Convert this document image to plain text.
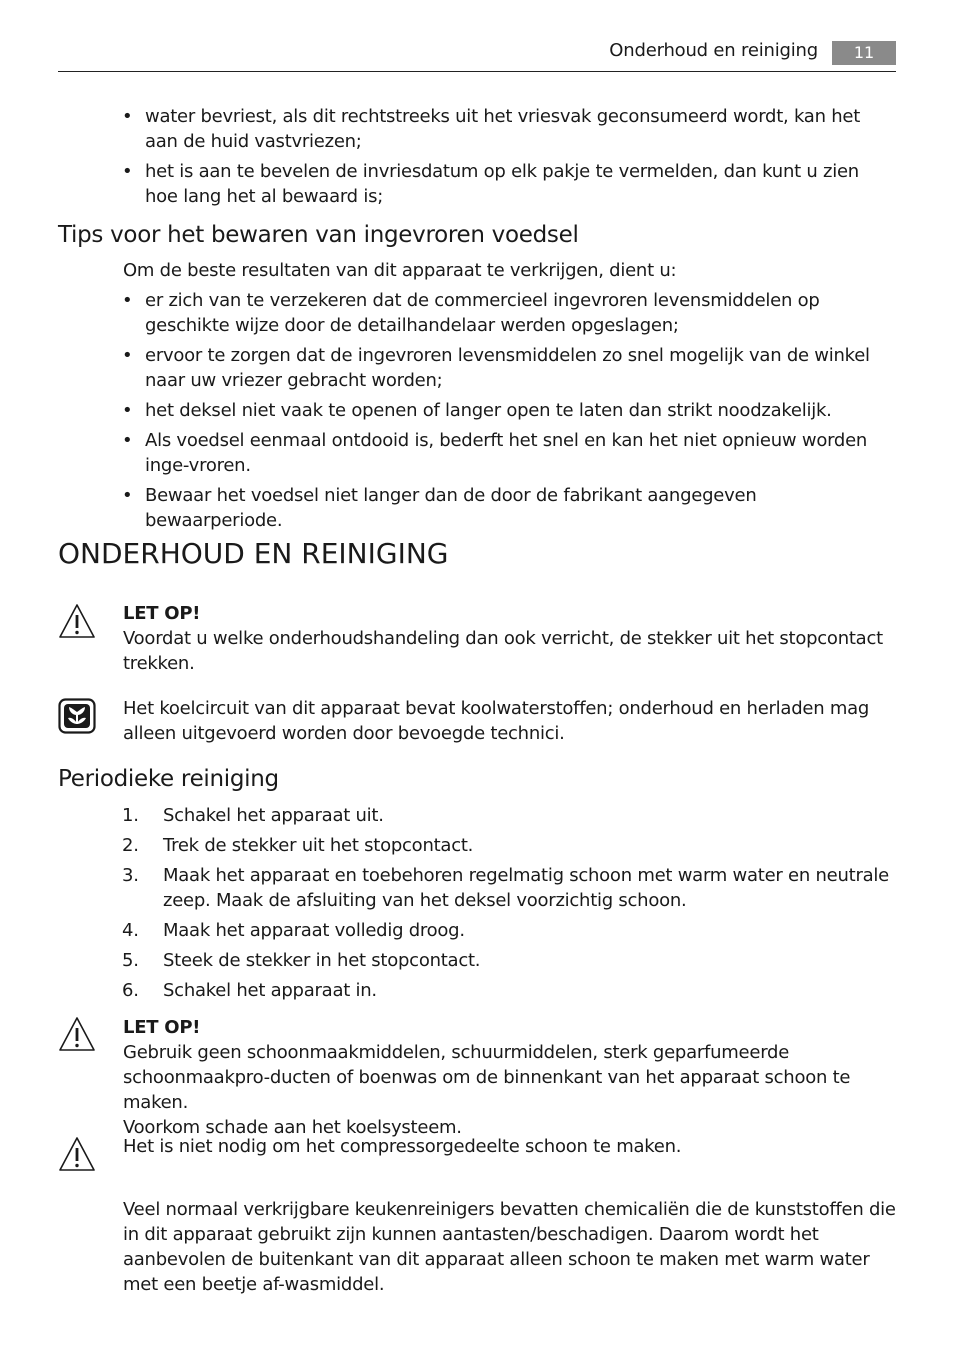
Onderhoud en reiniging	11
• water bevriest, als dit rechtstreeks uit het vriesvak geconsumeerd wordt, kan het aan de huid vastvriezen;
• het is aan te bevelen de invriesdatum op elk pakje te vermelden, dan kunt u zien hoe lang het al bewaard is;
Tips voor het bewaren van ingevroren voedsel

Om de beste resultaten van dit apparaat te verkrijgen, dient u:

• er zich van te verzekeren dat de commercieel ingevroren levensmiddelen op geschikte wijze door de detailhandelaar werden opgeslagen;
• ervoor te zorgen dat de ingevroren levensmiddelen zo snel mogelijk van de winkel naar uw vriezer gebracht worden;
• het deksel niet vaak te openen of langer open te laten dan strikt noodzakelijk.
• Als voedsel eenmaal ontdooid is, bederft het snel en kan het niet opnieuw worden inge-vroren.
• Bewaar het voedsel niet langer dan de door de fabrikant aangegeven bewaarperiode.
ONDERHOUD EN REINIGING
LET OP!
Voordat u welke onderhoudshandeling dan ook verricht, de stekker uit het stopcontact trekken.

Het koelcircuit van dit apparaat bevat koolwaterstoffen; onderhoud en herladen mag alleen uitgevoerd worden door bevoegde technici.

Periodieke reiniging
1. Schakel het apparaat uit.
2. Trek de stekker uit het stopcontact.
3. Maak het apparaat en toebehoren regelmatig schoon met warm water en neutrale zeep. Maak de afsluiting van het deksel voorzichtig schoon.
4. Maak het apparaat volledig droog.
5. Steek de stekker in het stopcontact.
6. Schakel het apparaat in.
LET OP!
Gebruik geen schoonmaakmiddelen, schuurmiddelen, sterk geparfumeerde schoonmaakpro-ducten of boenwas om de binnenkant van het apparaat schoon te maken.
Voorkom schade aan het koelsysteem.

Het is niet nodig om het compressorgedeelte schoon te maken.

Veel normaal verkrijgbare keukenreinigers bevatten chemicaliën die de kunststoffen die in dit apparaat gebruikt zijn kunnen aantasten/beschadigen. Daarom wordt het aanbevolen de buitenkant van dit apparaat alleen schoon te maken met warm water met een beetje af-wasmiddel.
